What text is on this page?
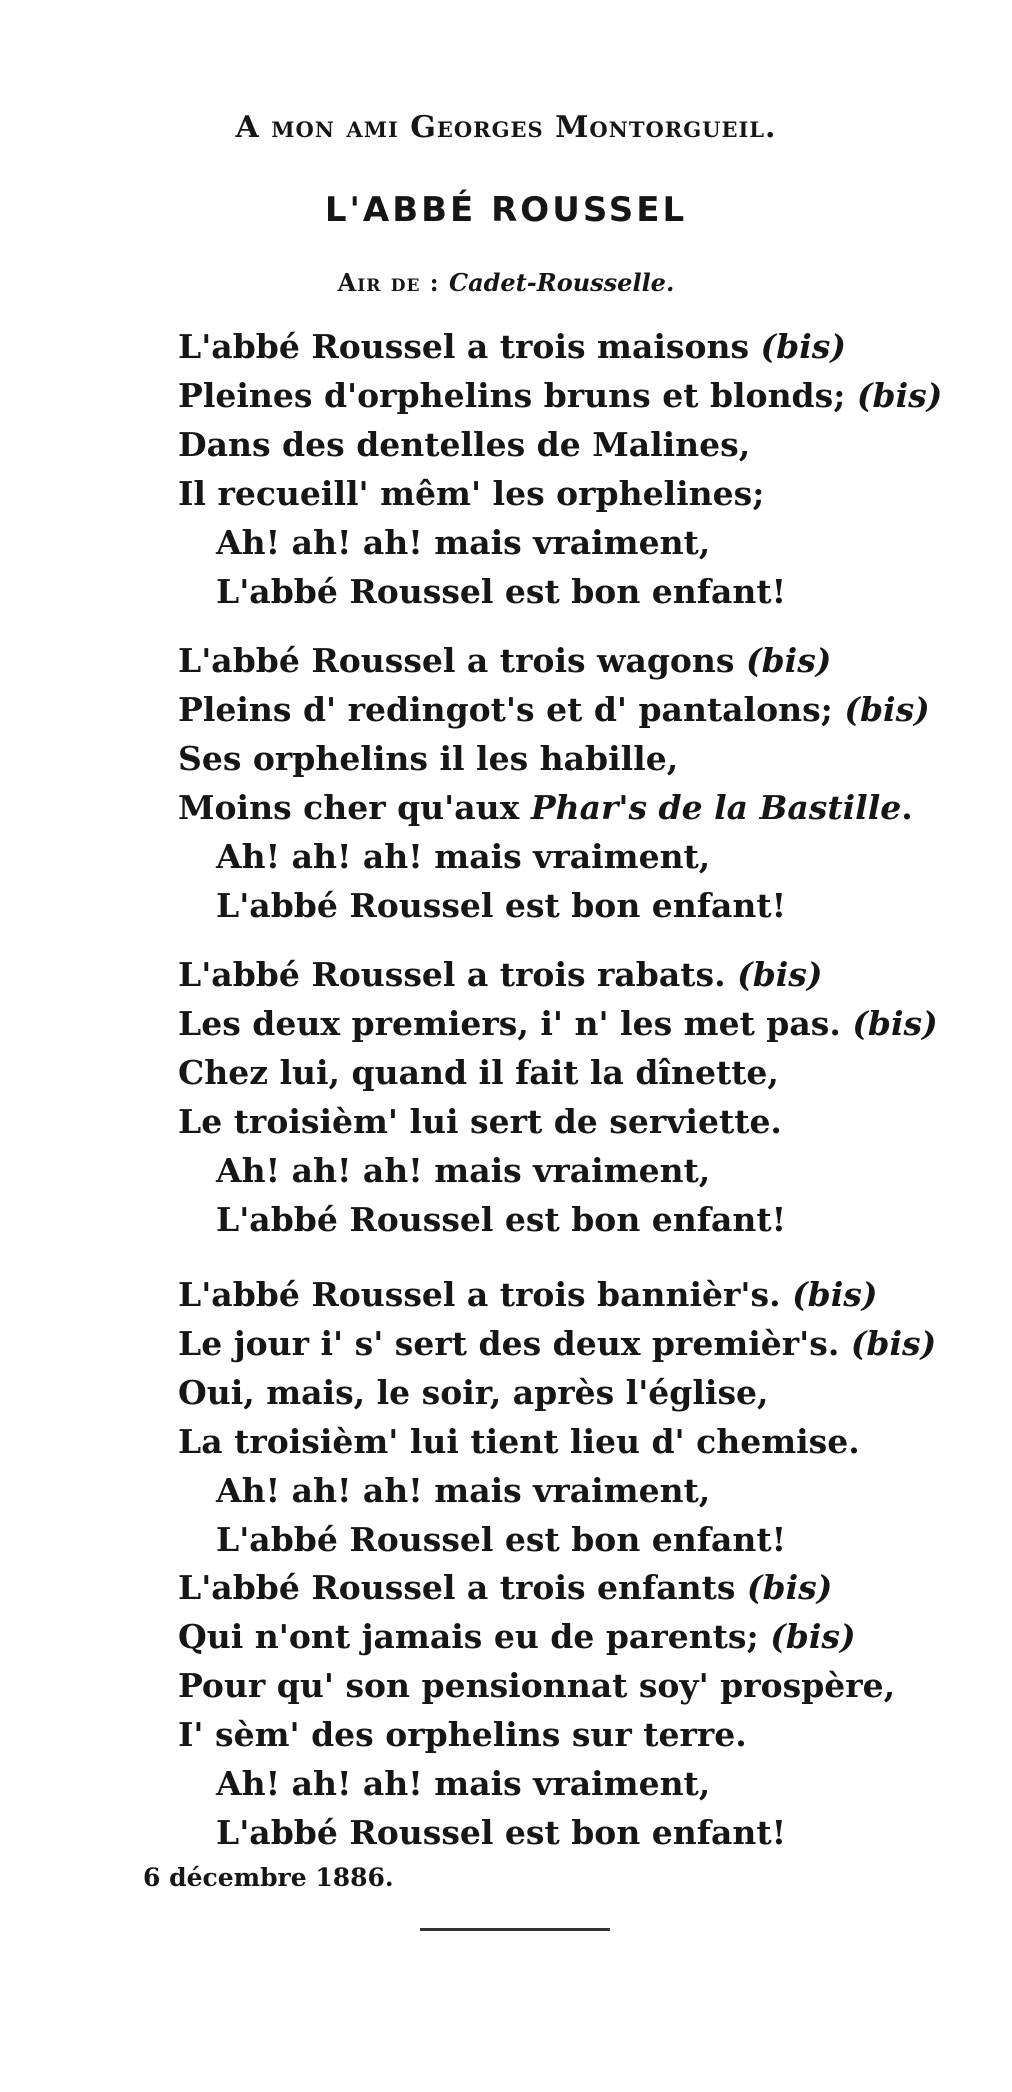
A mon ami Georges Montorgueil.

L'ABBÉ ROUSSEL

Air de : Cadet-Rousselle.

L'abbé Roussel a trois maisons (bis)
Pleines d'orphelins bruns et blonds; (bis)
Dans des dentelles de Malines,
Il recueill' mêm' les orphelines;
Ah! ah! ah! mais vraiment,
L'abbé Roussel est bon enfant!
L'abbé Roussel a trois wagons (bis)
Pleins d' redingot's et d' pantalons; (bis)
Ses orphelins il les habille,
Moins cher qu'aux Phar's de la Bastille.
Ah! ah! ah! mais vraiment,
L'abbé Roussel est bon enfant!
L'abbé Roussel a trois rabats. (bis)
Les deux premiers, i' n' les met pas. (bis)
Chez lui, quand il fait la dînette,
Le troisièm' lui sert de serviette.
Ah! ah! ah! mais vraiment,
L'abbé Roussel est bon enfant!
L'abbé Roussel a trois bannièr's. (bis)
Le jour i' s' sert des deux premièr's. (bis)
Oui, mais, le soir, après l'église,
La troisièm' lui tient lieu d' chemise.
Ah! ah! ah! mais vraiment,
L'abbé Roussel est bon enfant!
L'abbé Roussel a trois enfants (bis)
Qui n'ont jamais eu de parents; (bis)
Pour qu' son pensionnat soy' prospère,
I' sèm' des orphelins sur terre.
Ah! ah! ah! mais vraiment,
L'abbé Roussel est bon enfant!

6 décembre 1886.
